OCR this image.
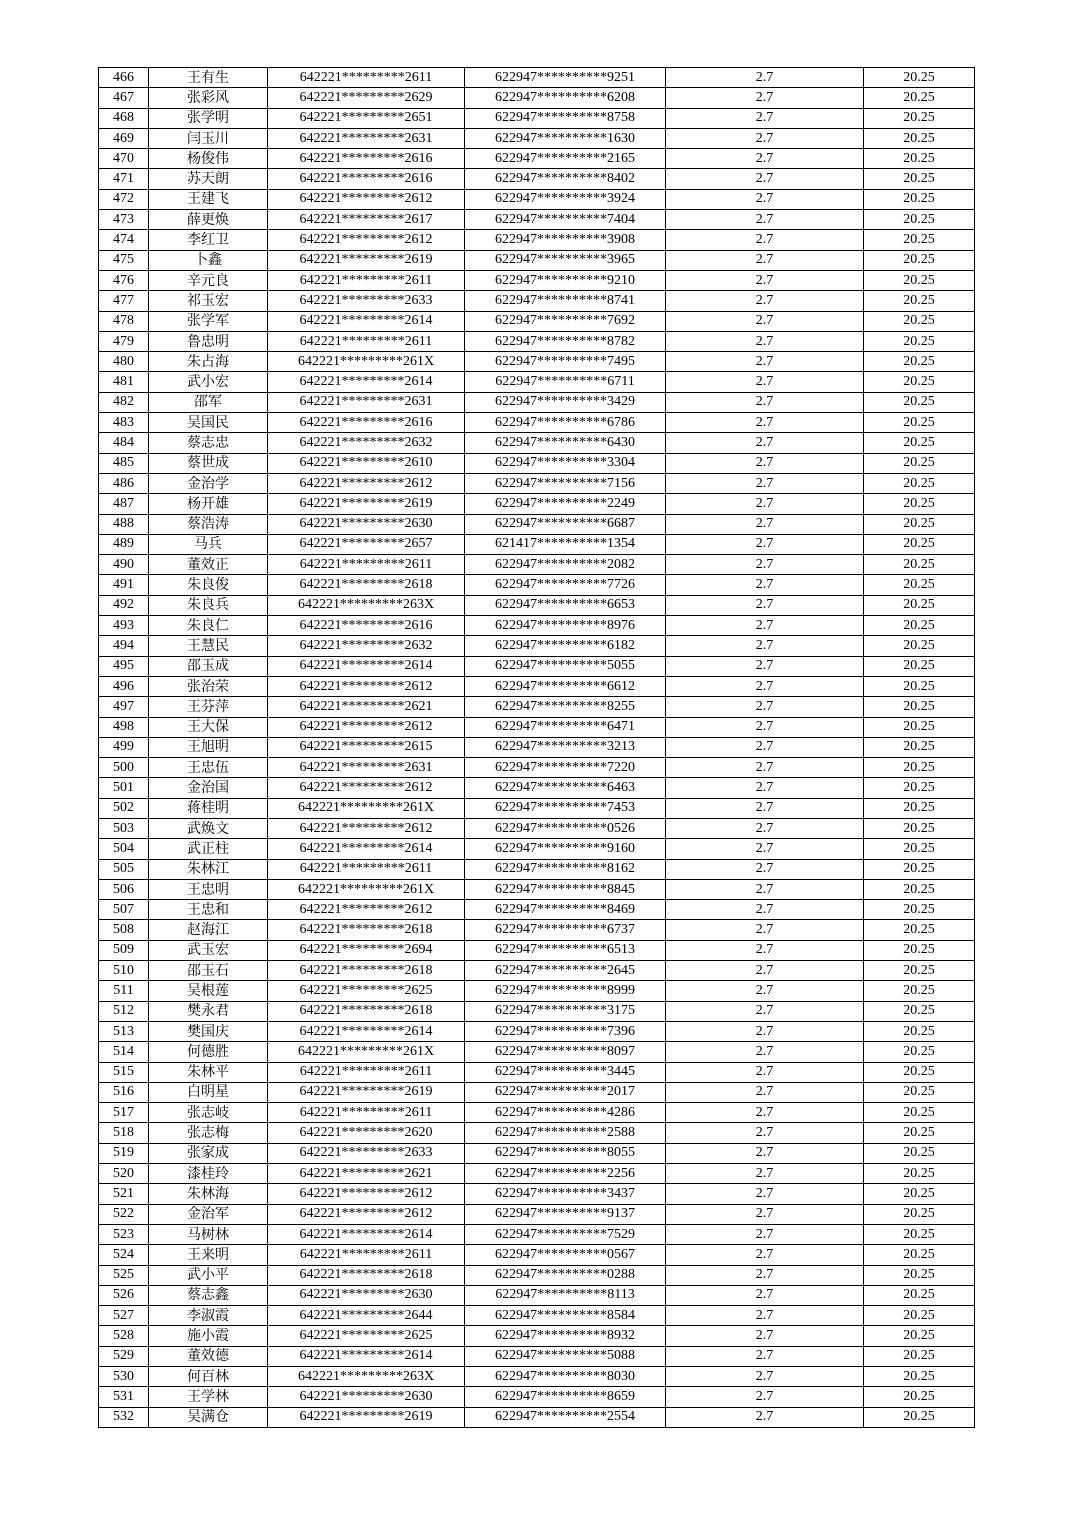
466	王有生	642221*********2611	622947**********9251	2.7	20.25
467	张彩风	642221*********2629	622947**********6208	2.7	20.25
468	张学明	642221*********2651	622947**********8758	2.7	20.25
469	闫玉川	642221*********2631	622947**********1630	2.7	20.25
470	杨俊伟	642221*********2616	622947**********2165	2.7	20.25
471	苏天朗	642221*********2616	622947**********8402	2.7	20.25
472	王建飞	642221*********2612	622947**********3924	2.7	20.25
473	薛更焕	642221*********2617	622947**********7404	2.7	20.25
474	李红卫	642221*********2612	622947**********3908	2.7	20.25
475	卜鑫	642221*********2619	622947**********3965	2.7	20.25
476	辛元良	642221*********2611	622947**********9210	2.7	20.25
477	祁玉宏	642221*********2633	622947**********8741	2.7	20.25
478	张学军	642221*********2614	622947**********7692	2.7	20.25
479	鲁忠明	642221*********2611	622947**********8782	2.7	20.25
480	朱占海	642221*********261X	622947**********7495	2.7	20.25
481	武小宏	642221*********2614	622947**********6711	2.7	20.25
482	邵军	642221*********2631	622947**********3429	2.7	20.25
483	吴国民	642221*********2616	622947**********6786	2.7	20.25
484	蔡志忠	642221*********2632	622947**********6430	2.7	20.25
485	蔡世成	642221*********2610	622947**********3304	2.7	20.25
486	金治学	642221*********2612	622947**********7156	2.7	20.25
487	杨开雄	642221*********2619	622947**********2249	2.7	20.25
488	蔡浩涛	642221*********2630	622947**********6687	2.7	20.25
489	马兵	642221*********2657	621417**********1354	2.7	20.25
490	董效正	642221*********2611	622947**********2082	2.7	20.25
491	朱良俊	642221*********2618	622947**********7726	2.7	20.25
492	朱良兵	642221*********263X	622947**********6653	2.7	20.25
493	朱良仁	642221*********2616	622947**********8976	2.7	20.25
494	王慧民	642221*********2632	622947**********6182	2.7	20.25
495	邵玉成	642221*********2614	622947**********5055	2.7	20.25
496	张治荣	642221*********2612	622947**********6612	2.7	20.25
497	王芬萍	642221*********2621	622947**********8255	2.7	20.25
498	王大保	642221*********2612	622947**********6471	2.7	20.25
499	王旭明	642221*********2615	622947**********3213	2.7	20.25
500	王忠伍	642221*********2631	622947**********7220	2.7	20.25
501	金治国	642221*********2612	622947**********6463	2.7	20.25
502	蒋桂明	642221*********261X	622947**********7453	2.7	20.25
503	武焕文	642221*********2612	622947**********0526	2.7	20.25
504	武正柱	642221*********2614	622947**********9160	2.7	20.25
505	朱林江	642221*********2611	622947**********8162	2.7	20.25
506	王忠明	642221*********261X	622947**********8845	2.7	20.25
507	王忠和	642221*********2612	622947**********8469	2.7	20.25
508	赵海江	642221*********2618	622947**********6737	2.7	20.25
509	武玉宏	642221*********2694	622947**********6513	2.7	20.25
510	邵玉石	642221*********2618	622947**********2645	2.7	20.25
511	吴根莲	642221*********2625	622947**********8999	2.7	20.25
512	樊永君	642221*********2618	622947**********3175	2.7	20.25
513	樊国庆	642221*********2614	622947**********7396	2.7	20.25
514	何德胜	642221*********261X	622947**********8097	2.7	20.25
515	朱林平	642221*********2611	622947**********3445	2.7	20.25
516	白明星	642221*********2619	622947**********2017	2.7	20.25
517	张志岐	642221*********2611	622947**********4286	2.7	20.25
518	张志梅	642221*********2620	622947**********2588	2.7	20.25
519	张家成	642221*********2633	622947**********8055	2.7	20.25
520	漆桂玲	642221*********2621	622947**********2256	2.7	20.25
521	朱林海	642221*********2612	622947**********3437	2.7	20.25
522	金治军	642221*********2612	622947**********9137	2.7	20.25
523	马树林	642221*********2614	622947**********7529	2.7	20.25
524	王来明	642221*********2611	622947**********0567	2.7	20.25
525	武小平	642221*********2618	622947**********0288	2.7	20.25
526	蔡志鑫	642221*********2630	622947**********8113	2.7	20.25
527	李淑霞	642221*********2644	622947**********8584	2.7	20.25
528	施小霞	642221*********2625	622947**********8932	2.7	20.25
529	董效德	642221*********2614	622947**********5088	2.7	20.25
530	何百林	642221*********263X	622947**********8030	2.7	20.25
531	王学林	642221*********2630	622947**********8659	2.7	20.25
532	吴满仓	642221*********2619	622947**********2554	2.7	20.25
